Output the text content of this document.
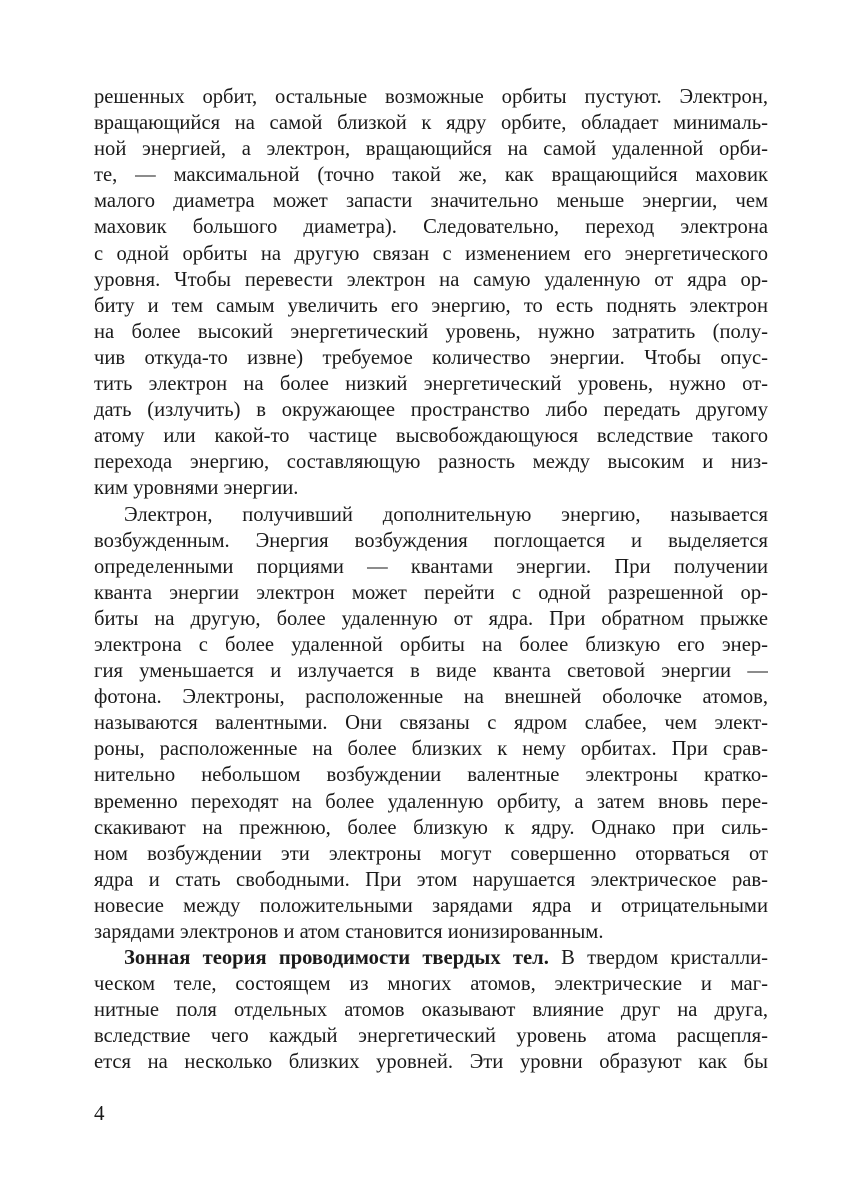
решенных орбит, остальные возможные орбиты пустуют. Электрон,
вращающийся на самой близкой к ядру орбите, обладает минималь-
ной энергией, а электрон, вращающийся на самой удаленной орби-
те, — максимальной (точно такой же, как вращающийся маховик
малого диаметра может запасти значительно меньше энергии, чем
маховик большого диаметра). Следовательно, переход электрона
с одной орбиты на другую связан с изменением его энергетического
уровня. Чтобы перевести электрон на самую удаленную от ядра ор-
биту и тем самым увеличить его энергию, то есть поднять электрон
на более высокий энергетический уровень, нужно затратить (полу-
чив откуда-то извне) требуемое количество энергии. Чтобы опус-
тить электрон на более низкий энергетический уровень, нужно от-
дать (излучить) в окружающее пространство либо передать другому
атому или какой-то частице высвобождающуюся вследствие такого
перехода энергию, составляющую разность между высоким и низ-
ким уровнями энергии.
Электрон, получивший дополнительную энергию, называется
возбужденным. Энергия возбуждения поглощается и выделяется
определенными порциями — квантами энергии. При получении
кванта энергии электрон может перейти с одной разрешенной ор-
биты на другую, более удаленную от ядра. При обратном прыжке
электрона с более удаленной орбиты на более близкую его энер-
гия уменьшается и излучается в виде кванта световой энергии —
фотона. Электроны, расположенные на внешней оболочке атомов,
называются валентными. Они связаны с ядром слабее, чем элект-
роны, расположенные на более близких к нему орбитах. При срав-
нительно небольшом возбуждении валентные электроны кратко-
временно переходят на более удаленную орбиту, а затем вновь пере-
скакивают на прежнюю, более близкую к ядру. Однако при силь-
ном возбуждении эти электроны могут совершенно оторваться от
ядра и стать свободными. При этом нарушается электрическое рав-
новесие между положительными зарядами ядра и отрицательными
зарядами электронов и атом становится ионизированным.
Зонная теория проводимости твердых тел. В твердом кристалли-
ческом теле, состоящем из многих атомов, электрические и маг-
нитные поля отдельных атомов оказывают влияние друг на друга,
вследствие чего каждый энергетический уровень атома расщепля-
ется на несколько близких уровней. Эти уровни образуют как бы
4
